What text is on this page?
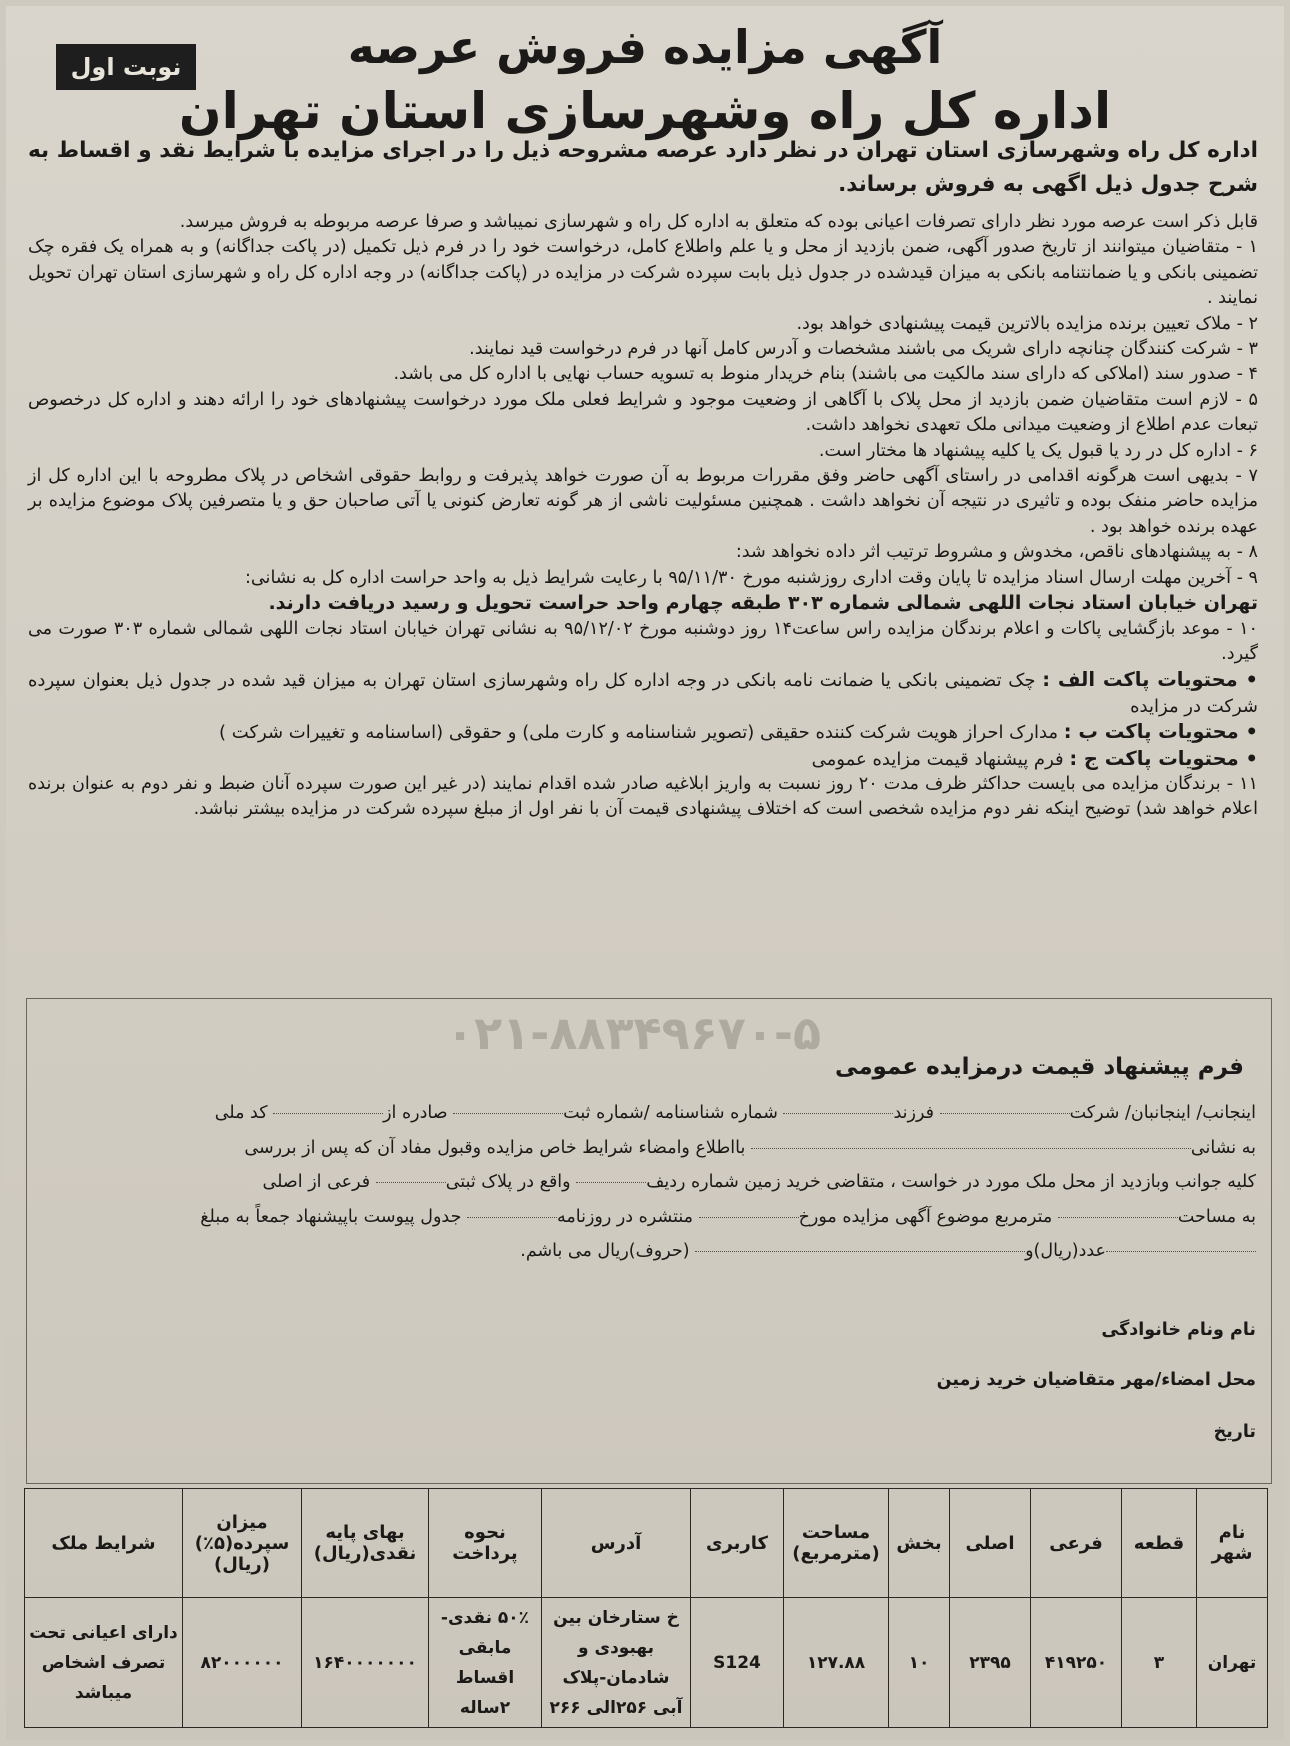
نوبت اول	آگهی مزایده فروش عرصه
اداره کل راه وشهرسازی استان تهران
اداره کل راه وشهرسازی استان تهران در نظر دارد عرصه مشروحه ذیل را در اجرای مزایده با شرایط نقد و اقساط به شرح جدول ذیل اگهی به فروش برساند.

قابل ذکر است عرصه مورد نظر دارای تصرفات اعیانی بوده که متعلق به اداره کل راه و شهرسازی نمیباشد و صرفا عرصه مربوطه به فروش میرسد.

۱ - متقاضیان میتوانند از تاریخ صدور آگهی، ضمن بازدید از محل و یا علم واطلاع کامل، درخواست خود را در فرم ذیل تکمیل (در پاکت جداگانه) و به همراه یک فقره چک تضمینی بانکی و یا ضمانتنامه بانکی به میزان قیدشده در جدول ذیل بابت سپرده شرکت در مزایده در (پاکت جداگانه) در وجه اداره کل راه و شهرسازی استان تهران تحویل نمایند .

۲ - ملاک تعیین برنده مزایده بالاترین قیمت پیشنهادی خواهد بود.

۳ - شرکت کنندگان چنانچه دارای شریک می باشند مشخصات و آدرس کامل آنها در فرم درخواست قید نمایند.

۴ - صدور سند (املاکی که دارای سند مالکیت می باشند) بنام خریدار منوط به تسویه حساب نهایی با اداره کل می باشد.

۵ - لازم است متقاضیان ضمن بازدید از محل پلاک با آگاهی از وضعیت موجود و شرایط فعلی ملک مورد درخواست پیشنهادهای خود را ارائه دهند و اداره کل درخصوص تبعات عدم اطلاع از وضعیت میدانی ملک تعهدی نخواهد داشت.

۶ - اداره کل در رد یا قبول یک یا کلیه پیشنهاد ها مختار است.

۷ - بدیهی است هرگونه اقدامی در راستای آگهی حاضر وفق مقررات مربوط به آن صورت خواهد پذیرفت و روابط حقوقی اشخاص در پلاک مطروحه با این اداره کل از مزایده حاضر منفک بوده و تاثیری در نتیجه آن نخواهد داشت . همچنین مسئولیت ناشی از هر گونه تعارض کنونی یا آتی صاحبان حق و یا متصرفین پلاک موضوع مزایده بر عهده برنده خواهد بود .

۸ - به پیشنهادهای ناقص، مخدوش و مشروط ترتیب اثر داده نخواهد شد:

۹ - آخرین مهلت ارسال اسناد مزایده تا پایان وقت اداری روزشنبه مورخ ۹۵/۱۱/۳۰ با رعایت شرایط ذیل به واحد حراست اداره کل به نشانی:

تهران خیابان استاد نجات اللهی شمالی شماره ۳۰۳ طبقه چهارم واحد حراست تحویل و رسید دریافت دارند.

۱۰ - موعد بازگشایی پاکات و اعلام برندگان مزایده راس ساعت۱۴ روز دوشنبه مورخ ۹۵/۱۲/۰۲ به نشانی تهران خیابان استاد نجات اللهی شمالی شماره ۳۰۳ صورت می گیرد.

• محتویات پاکت الف : چک تضمینی بانکی یا ضمانت نامه بانکی در وجه اداره کل راه وشهرسازی استان تهران به میزان قید شده در جدول ذیل بعنوان سپرده شرکت در مزایده

• محتویات پاکت ب : مدارک احراز هویت شرکت کننده حقیقی (تصویر شناسنامه و کارت ملی) و حقوقی (اساسنامه و تغییرات شرکت )

• محتویات پاکت ج : فرم پیشنهاد قیمت مزایده عمومی

۱۱ - برندگان مزایده می بایست حداکثر ظرف مدت ۲۰ روز نسبت به واریز ابلاغیه صادر شده اقدام نمایند (در غیر این صورت سپرده آنان ضبط و نفر دوم به عنوان برنده اعلام خواهد شد) توضیح اینکه نفر دوم مزایده شخصی است که اختلاف پیشنهادی قیمت آن با نفر اول از مبلغ سپرده شرکت در مزایده بیشتر نباشد.

۰۲۱-۸۸۳۴۹۶۷۰-۵
فرم پیشنهاد قیمت درمزایده عمومی

اینجانب/ اینجانبان/ شرکت فرزند شماره شناسنامه /شماره ثبت صادره از کد ملی

به نشانی بااطلاع وامضاء شرایط خاص مزایده وقبول مفاد آن که پس از بررسی

کلیه جوانب وبازدید از محل ملک مورد در خواست ، متقاضی خرید زمین شماره ردیف واقع در پلاک ثبتی فرعی از اصلی

به مساحت مترمربع موضوع آگهی مزایده مورخ منتشره در روزنامه جدول پیوست باپیشنهاد جمعاً به مبلغ

عدد(ریال)و (حروف)ریال می باشم.

نام ونام خانوادگی
محل امضاء/مهر متقاضیان خرید زمین
تاریخ
نام شهر	قطعه	فرعی	اصلی	بخش	مساحت (مترمربع)	کاربری	آدرس	نحوه پرداخت	بهای پایه نقدی(ریال)	میزان سپرده(۵٪) (ریال)	شرایط ملک
تهران	۳	۴۱۹۲۵۰	۲۳۹۵	۱۰	۱۲۷.۸۸	S124	خ ستارخان بین بهبودی و شادمان-پلاک آبی ۲۵۶الی ۲۶۶	۵۰٪ نقدی-مابقی اقساط ۲ساله	۱۶۴۰۰۰۰۰۰۰	۸۲۰۰۰۰۰۰	دارای اعیانی تحت تصرف اشخاص میباشد
